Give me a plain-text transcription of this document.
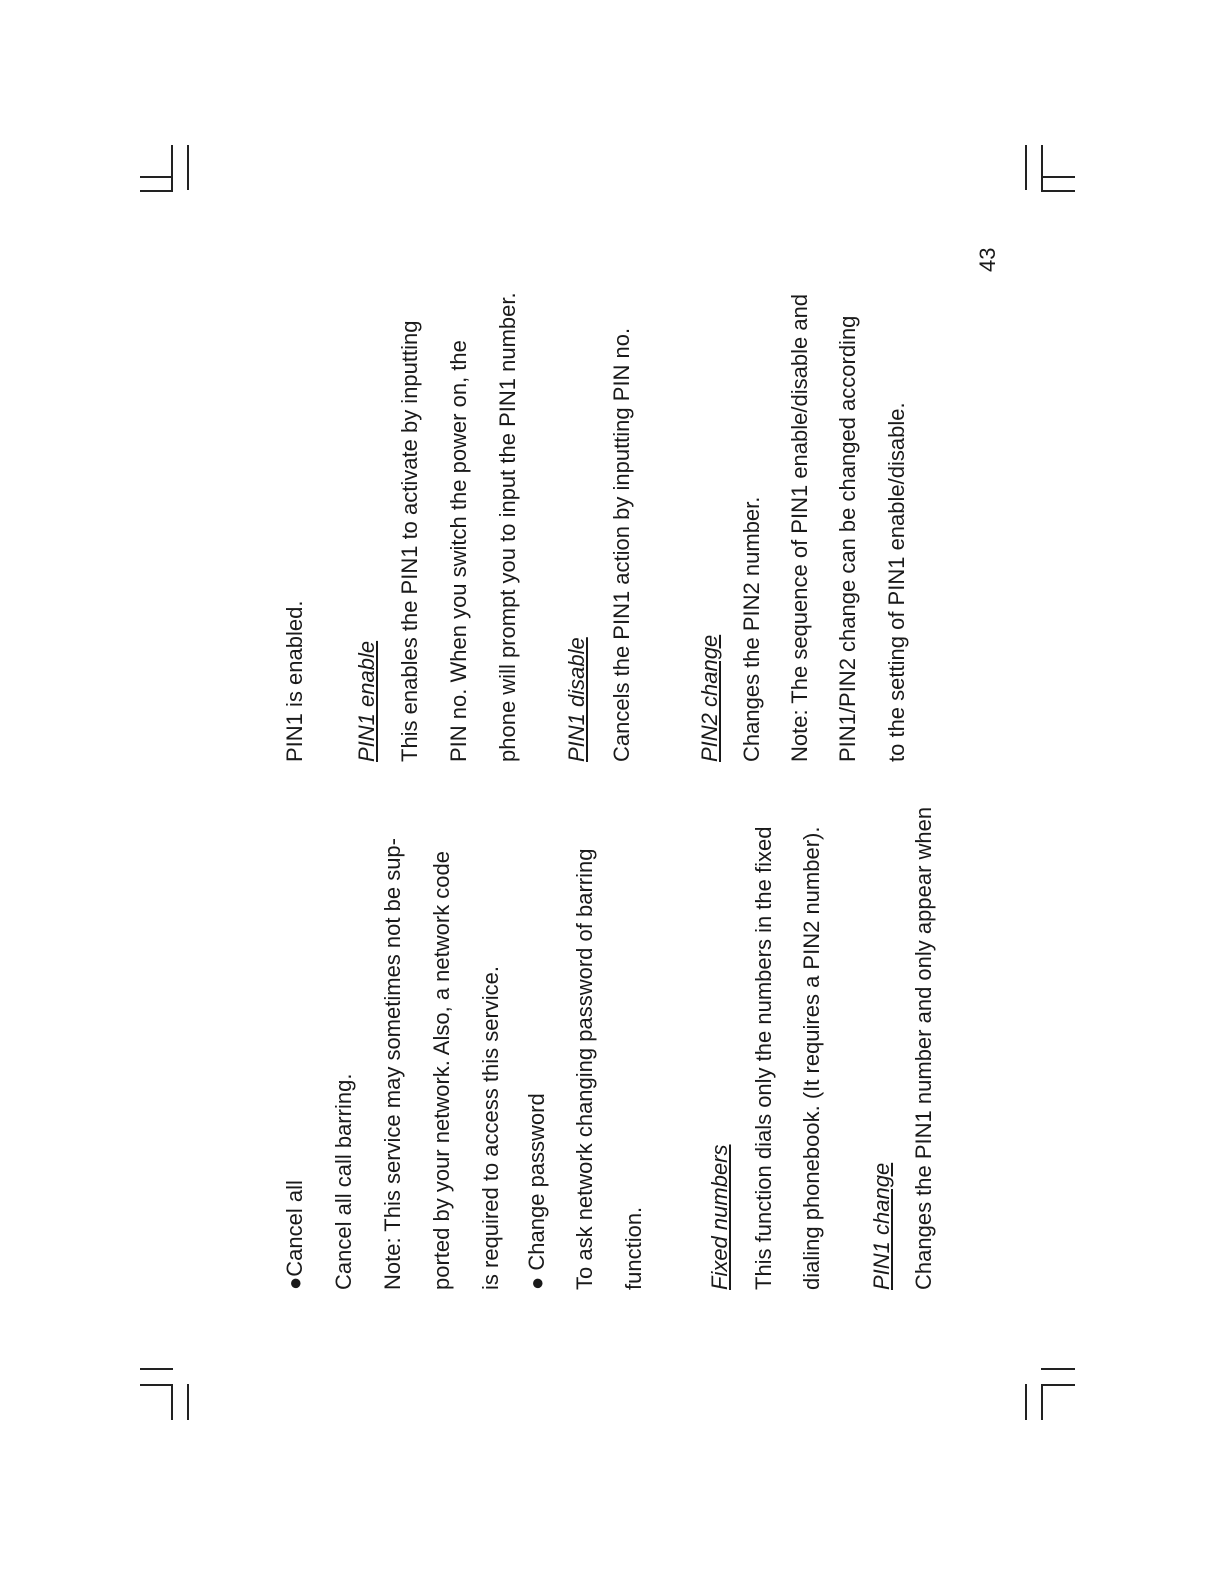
●Cancel all Cancel all call barring. Note: This service may sometimes not be sup- ported by your network. Also, a network code is required to access this service. ● Change password To ask network changing password of barring function.	Fixed numbers This function dials only the numbers in the fixed dialing phonebook. (It requires a PIN2 number). PIN1 change Changes the PIN1 number and only appear when
PIN1 is enabled. PIN1 enable This enables the PIN1 to activate by inputting PIN no. When you switch the power on, the phone will prompt you to input the PIN1 number. PIN1 disable Cancels the PIN1 action by inputting PIN no.	PIN2 change Changes the PIN2 number. Note: The sequence of PIN1 enable/disable and PIN1/PIN2 change can be changed according to the setting of PIN1 enable/disable.
43
